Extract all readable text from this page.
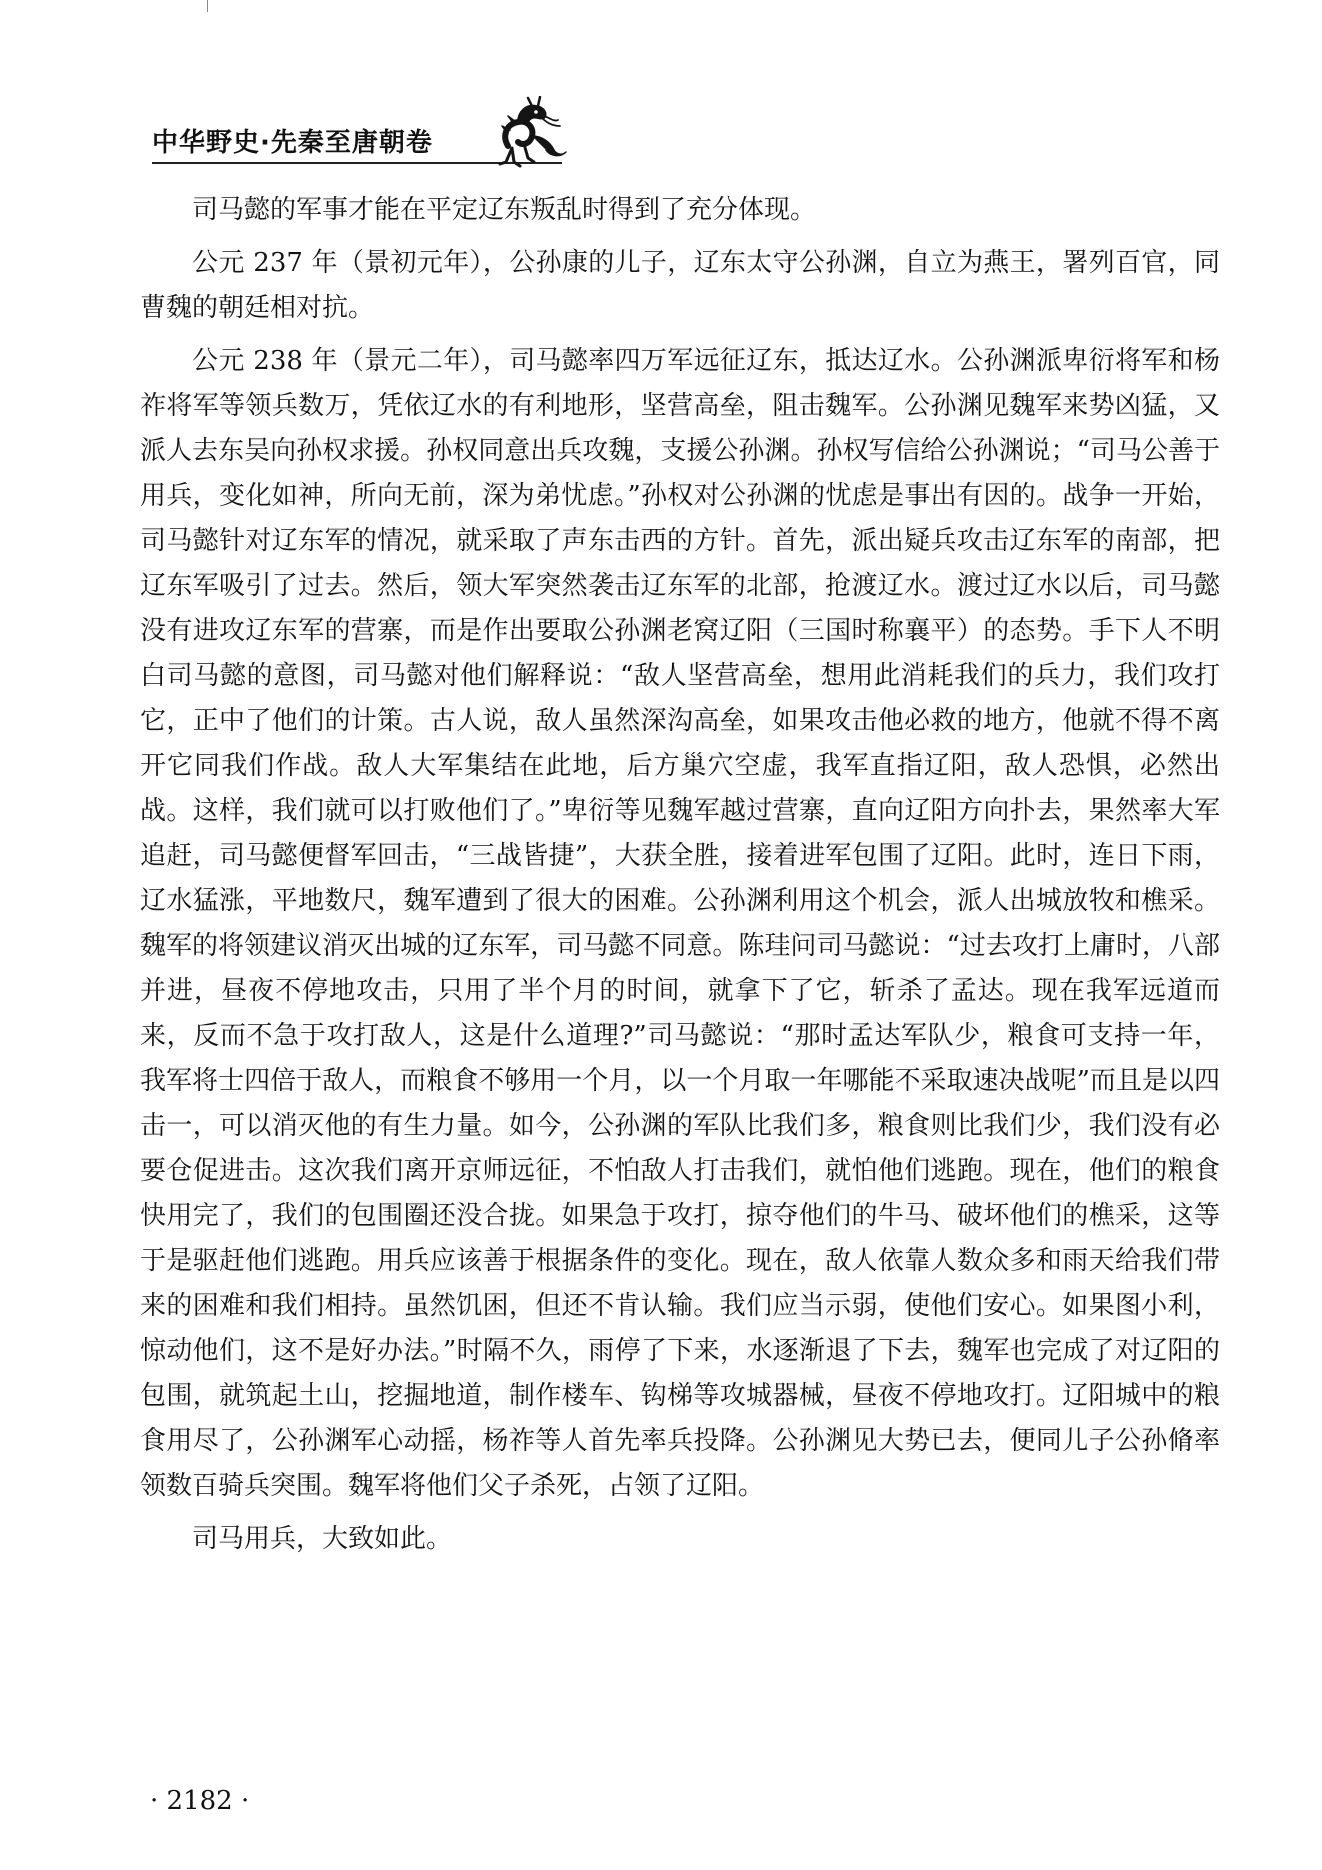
中华野史·先秦至唐朝卷

司马懿的军事才能在平定辽东叛乱时得到了充分体现。

公元 237 年（景初元年），公孙康的儿子，辽东太守公孙渊，自立为燕王，署列百官，同曹魏的朝廷相对抗。

公元 238 年（景元二年），司马懿率四万军远征辽东，抵达辽水。公孙渊派卑衍将军和杨祚将军等领兵数万，凭依辽水的有利地形，坚营高垒，阻击魏军。公孙渊见魏军来势凶猛，又派人去东吴向孙权求援。孙权同意出兵攻魏，支援公孙渊。孙权写信给公孙渊说；“司马公善于用兵，变化如神，所向无前，深为弟忧虑。”孙权对公孙渊的忧虑是事出有因的。战争一开始，司马懿针对辽东军的情况，就采取了声东击西的方针。首先，派出疑兵攻击辽东军的南部，把辽东军吸引了过去。然后，领大军突然袭击辽东军的北部，抢渡辽水。渡过辽水以后，司马懿没有进攻辽东军的营寨，而是作出要取公孙渊老窝辽阳（三国时称襄平）的态势。手下人不明白司马懿的意图，司马懿对他们解释说：“敌人坚营高垒，想用此消耗我们的兵力，我们攻打它，正中了他们的计策。古人说，敌人虽然深沟高垒，如果攻击他必救的地方，他就不得不离开它同我们作战。敌人大军集结在此地，后方巢穴空虚，我军直指辽阳，敌人恐惧，必然出战。这样，我们就可以打败他们了。”卑衍等见魏军越过营寨，直向辽阳方向扑去，果然率大军追赶，司马懿便督军回击，“三战皆捷”，大获全胜，接着进军包围了辽阳。此时，连日下雨，辽水猛涨，平地数尺，魏军遭到了很大的困难。公孙渊利用这个机会，派人出城放牧和樵采。魏军的将领建议消灭出城的辽东军，司马懿不同意。陈珪问司马懿说：“过去攻打上庸时，八部并进，昼夜不停地攻击，只用了半个月的时间，就拿下了它，斩杀了孟达。现在我军远道而来，反而不急于攻打敌人，这是什么道理?”司马懿说：“那时孟达军队少，粮食可支持一年，我军将士四倍于敌人，而粮食不够用一个月，以一个月取一年哪能不采取速决战呢”而且是以四击一，可以消灭他的有生力量。如今，公孙渊的军队比我们多，粮食则比我们少，我们没有必要仓促进击。这次我们离开京师远征，不怕敌人打击我们，就怕他们逃跑。现在，他们的粮食快用完了，我们的包围圈还没合拢。如果急于攻打，掠夺他们的牛马、破坏他们的樵采，这等于是驱赶他们逃跑。用兵应该善于根据条件的变化。现在，敌人依靠人数众多和雨天给我们带来的困难和我们相持。虽然饥困，但还不肯认输。我们应当示弱，使他们安心。如果图小利，惊动他们，这不是好办法。”时隔不久，雨停了下来，水逐渐退了下去，魏军也完成了对辽阳的包围，就筑起土山，挖掘地道，制作楼车、钩梯等攻城器械，昼夜不停地攻打。辽阳城中的粮食用尽了，公孙渊军心动摇，杨祚等人首先率兵投降。公孙渊见大势已去，便同儿子公孙脩率领数百骑兵突围。魏军将他们父子杀死，占领了辽阳。

司马用兵，大致如此。

· 2182 ·
